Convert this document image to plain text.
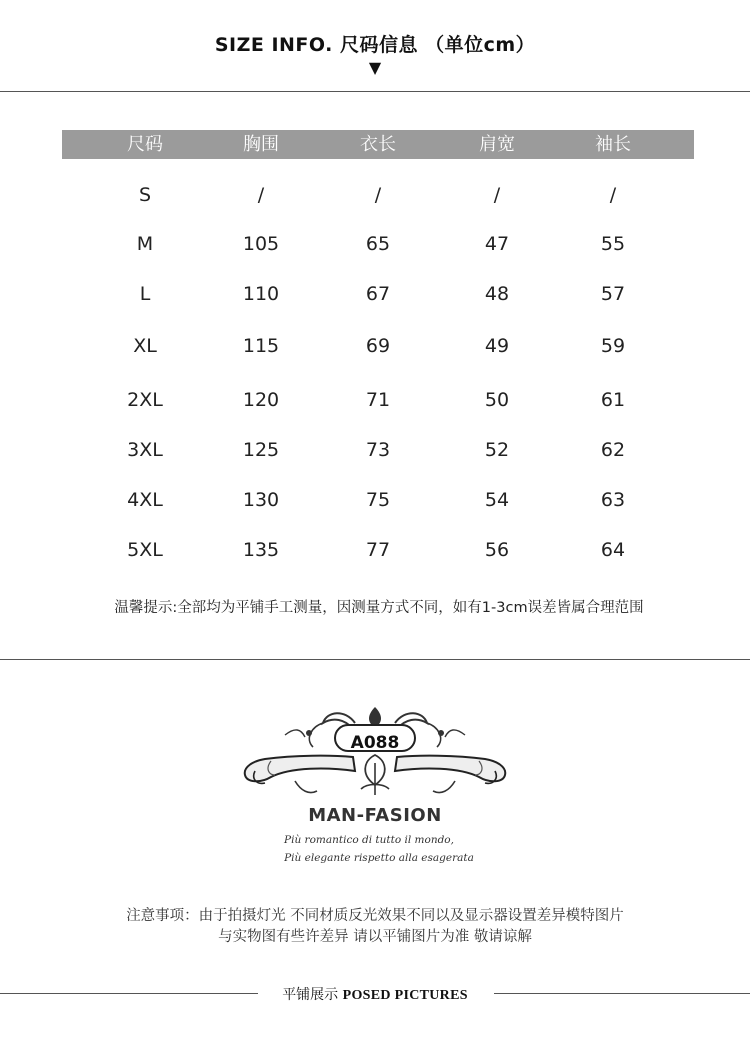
SIZE INFO. 尺码信息 （单位cm）
▼
尺码	胸围	衣长	肩宽	袖长
S	/	/	/	/
M	105	65	47	55
L	110	67	48	57
XL	115	69	49	59
2XL	120	71	50	61
3XL	125	73	52	62
4XL	130	75	54	63
5XL	135	77	56	64
温馨提示:全部均为平铺手工测量，因测量方式不同，如有1-3cm误差皆属合理范围
A088
MAN-FASION
Più romantico di tutto il mondo,
Più elegante rispetto alla esagerata
注意事项：由于拍摄灯光 不同材质反光效果不同以及显示器设置差异模特图片
与实物图有些许差异 请以平铺图片为准 敬请谅解
平铺展示 POSED PICTURES
